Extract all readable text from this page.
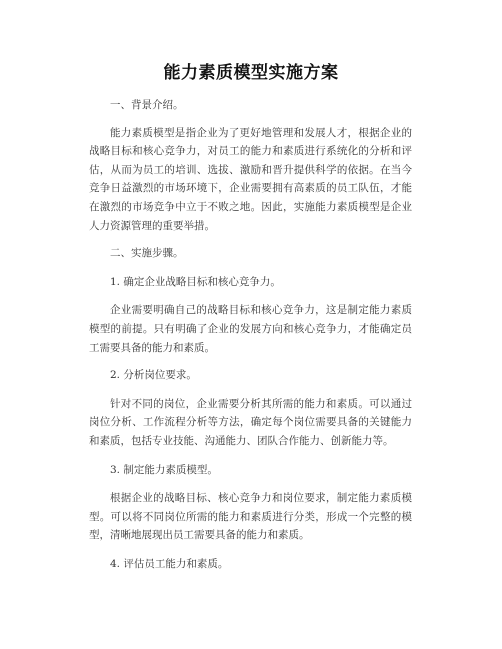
能力素质模型实施方案

一、背景介绍。

能力素质模型是指企业为了更好地管理和发展人才，根据企业的战略目标和核心竞争力，对员工的能力和素质进行系统化的分析和评估，从而为员工的培训、选拔、激励和晋升提供科学的依据。在当今竞争日益激烈的市场环境下，企业需要拥有高素质的员工队伍，才能在激烈的市场竞争中立于不败之地。因此，实施能力素质模型是企业人力资源管理的重要举措。

二、实施步骤。

1. 确定企业战略目标和核心竞争力。

企业需要明确自己的战略目标和核心竞争力，这是制定能力素质模型的前提。只有明确了企业的发展方向和核心竞争力，才能确定员工需要具备的能力和素质。

2. 分析岗位要求。

针对不同的岗位，企业需要分析其所需的能力和素质。可以通过岗位分析、工作流程分析等方法，确定每个岗位需要具备的关键能力和素质，包括专业技能、沟通能力、团队合作能力、创新能力等。

3. 制定能力素质模型。

根据企业的战略目标、核心竞争力和岗位要求，制定能力素质模型。可以将不同岗位所需的能力和素质进行分类，形成一个完整的模型，清晰地展现出员工需要具备的能力和素质。

4. 评估员工能力和素质。
